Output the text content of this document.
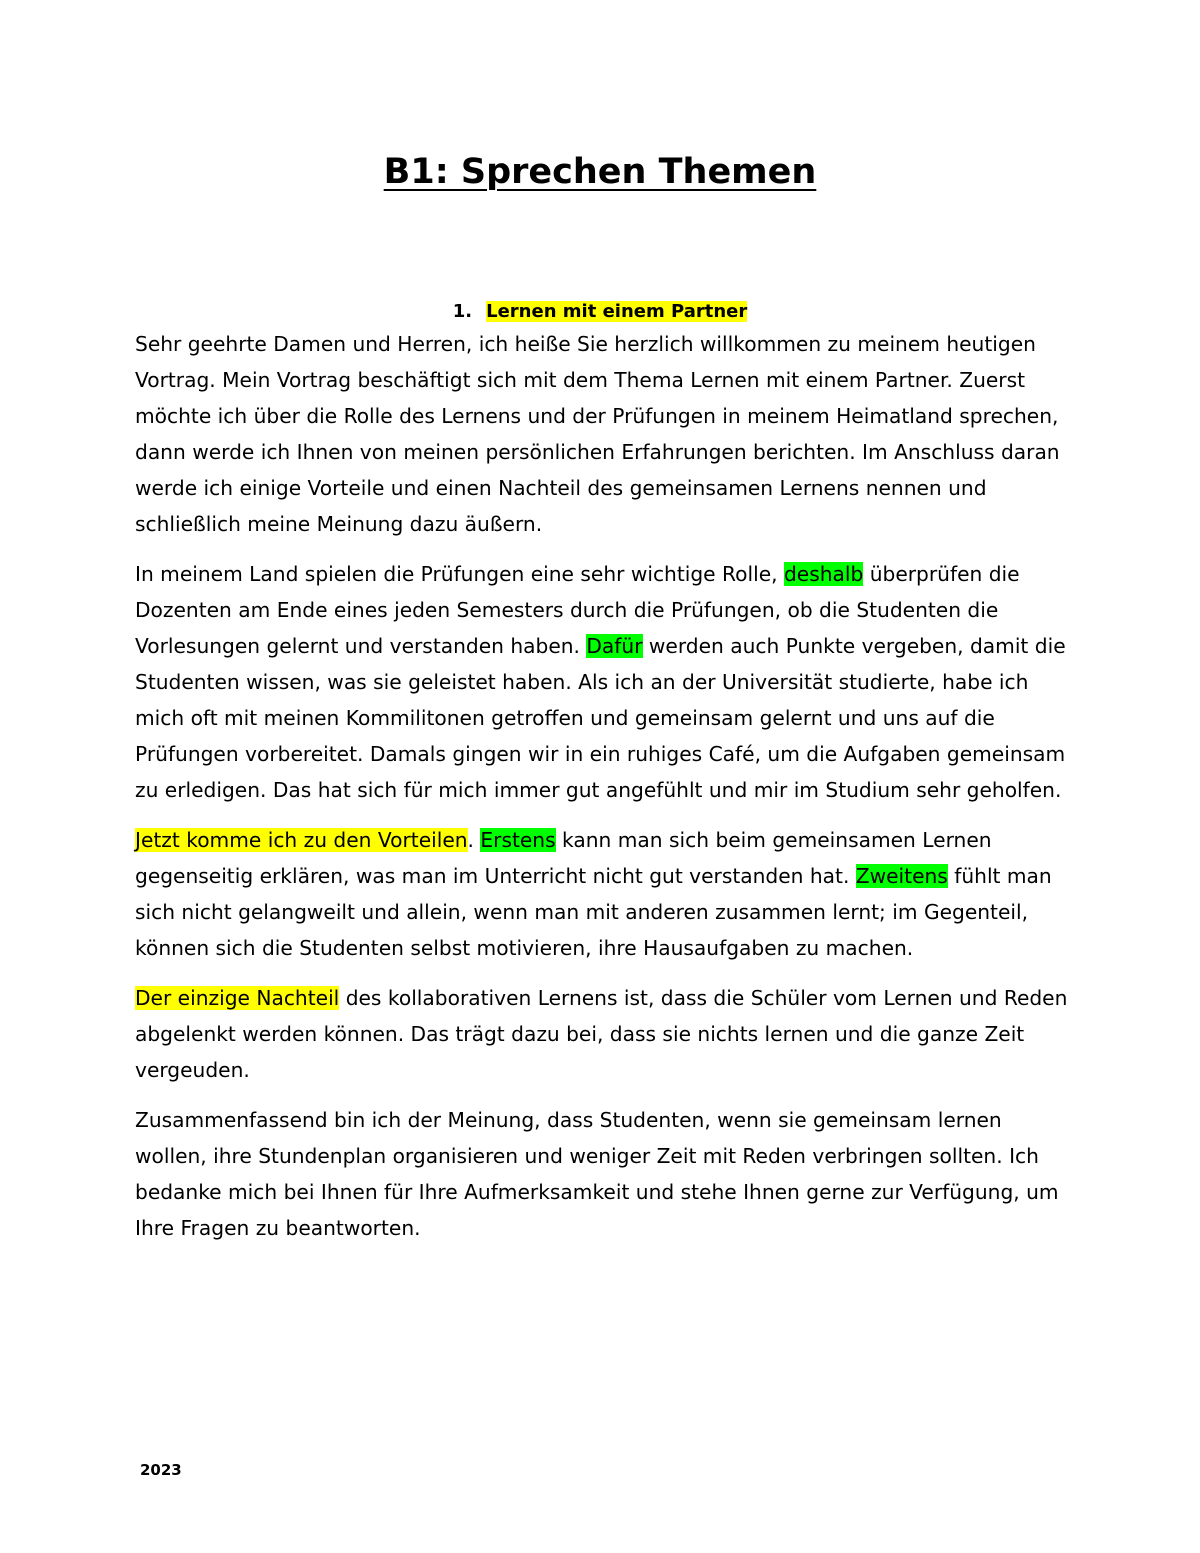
B1: Sprechen Themen
1. Lernen mit einem Partner

Sehr geehrte Damen und Herren, ich heiße Sie herzlich willkommen zu meinem heutigen Vortrag. Mein Vortrag beschäftigt sich mit dem Thema Lernen mit einem Partner. Zuerst möchte ich über die Rolle des Lernens und der Prüfungen in meinem Heimatland sprechen, dann werde ich Ihnen von meinen persönlichen Erfahrungen berichten. Im Anschluss daran werde ich einige Vorteile und einen Nachteil des gemeinsamen Lernens nennen und schließlich meine Meinung dazu äußern.

In meinem Land spielen die Prüfungen eine sehr wichtige Rolle, deshalb überprüfen die Dozenten am Ende eines jeden Semesters durch die Prüfungen, ob die Studenten die Vorlesungen gelernt und verstanden haben. Dafür werden auch Punkte vergeben, damit die Studenten wissen, was sie geleistet haben. Als ich an der Universität studierte, habe ich mich oft mit meinen Kommilitonen getroffen und gemeinsam gelernt und uns auf die Prüfungen vorbereitet. Damals gingen wir in ein ruhiges Café, um die Aufgaben gemeinsam zu erledigen. Das hat sich für mich immer gut angefühlt und mir im Studium sehr geholfen.

Jetzt komme ich zu den Vorteilen. Erstens kann man sich beim gemeinsamen Lernen gegenseitig erklären, was man im Unterricht nicht gut verstanden hat. Zweitens fühlt man sich nicht gelangweilt und allein, wenn man mit anderen zusammen lernt; im Gegenteil, können sich die Studenten selbst motivieren, ihre Hausaufgaben zu machen.

Der einzige Nachteil des kollaborativen Lernens ist, dass die Schüler vom Lernen und Reden abgelenkt werden können. Das trägt dazu bei, dass sie nichts lernen und die ganze Zeit vergeuden.

Zusammenfassend bin ich der Meinung, dass Studenten, wenn sie gemeinsam lernen wollen, ihre Stundenplan organisieren und weniger Zeit mit Reden verbringen sollten. Ich bedanke mich bei Ihnen für Ihre Aufmerksamkeit und stehe Ihnen gerne zur Verfügung, um Ihre Fragen zu beantworten.

2023
